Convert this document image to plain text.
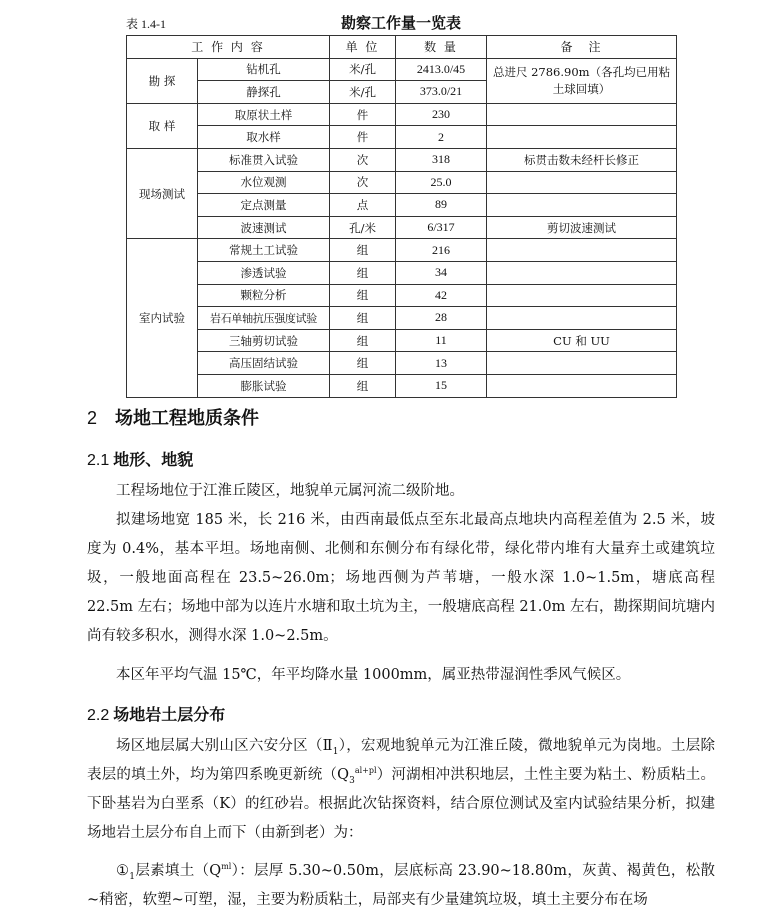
表 1.4-1	勘察工作量一览表
工 作 内 容		单 位	数 量	备　注
勘 探	钻机孔	米/孔	2413.0/45	总进尺 2786.90m（各孔均已用粘土球回填）
	静探孔	米/孔	373.0/21	
取 样	取原状土样	件	230	
	取水样	件	2	
现场测试	标准贯入试验	次	318	标贯击数未经杆长修正
	水位观测	次	25.0	
	定点测量	点	89	
	波速测试	孔/米	6/317	剪切波速测试
室内试验	常规土工试验	组	216	
	渗透试验	组	34	
	颗粒分析	组	42	
	岩石单轴抗压强度试验	组	28	
	三轴剪切试验	组	11	CU 和 UU
	高压固结试验	组	13	
	膨胀试验	组	15	
2 场地工程地质条件
2.1 地形、地貌
工程场地位于江淮丘陵区，地貌单元属河流二级阶地。
拟建场地宽 185 米，长 216 米，由西南最低点至东北最高点地块内高程差值为 2.5 米，坡度为 0.4%，基本平坦。场地南侧、北侧和东侧分布有绿化带，绿化带内堆有大量弃土或建筑垃圾，一般地面高程在 23.5~26.0m；场地西侧为芦苇塘，一般水深 1.0~1.5m，塘底高程 22.5m 左右；场地中部为以连片水塘和取土坑为主，一般塘底高程 21.0m 左右，勘探期间坑塘内尚有较多积水，测得水深 1.0~2.5m。
本区年平均气温 15℃，年平均降水量 1000mm，属亚热带湿润性季风气候区。
2.2 场地岩土层分布
场区地层属大别山区六安分区$(Ⅱ_1)$，宏观地貌单元为江淮丘陵，微地貌单元为岗地。土层除表层的填土外，均为第四系晚更新统$(Q_3^{al+pl})$河湖相冲洪积地层，土性主要为粘土、粉质粘土。下卧基岩为白垩系（K）的红砂岩。根据此次钻探资料，结合原位测试及室内试验结果分析，拟建场地岩土层分布自上而下（由新到老）为：
$①_1$层素填土$(Q^{ml})$：层厚 5.30~0.50m，层底标高 23.90~18.80m，灰黄、褐黄色，松散~稍密，软塑~可塑，湿，主要为粉质粘土，局部夹有少量建筑垃圾，填土主要分布在场
